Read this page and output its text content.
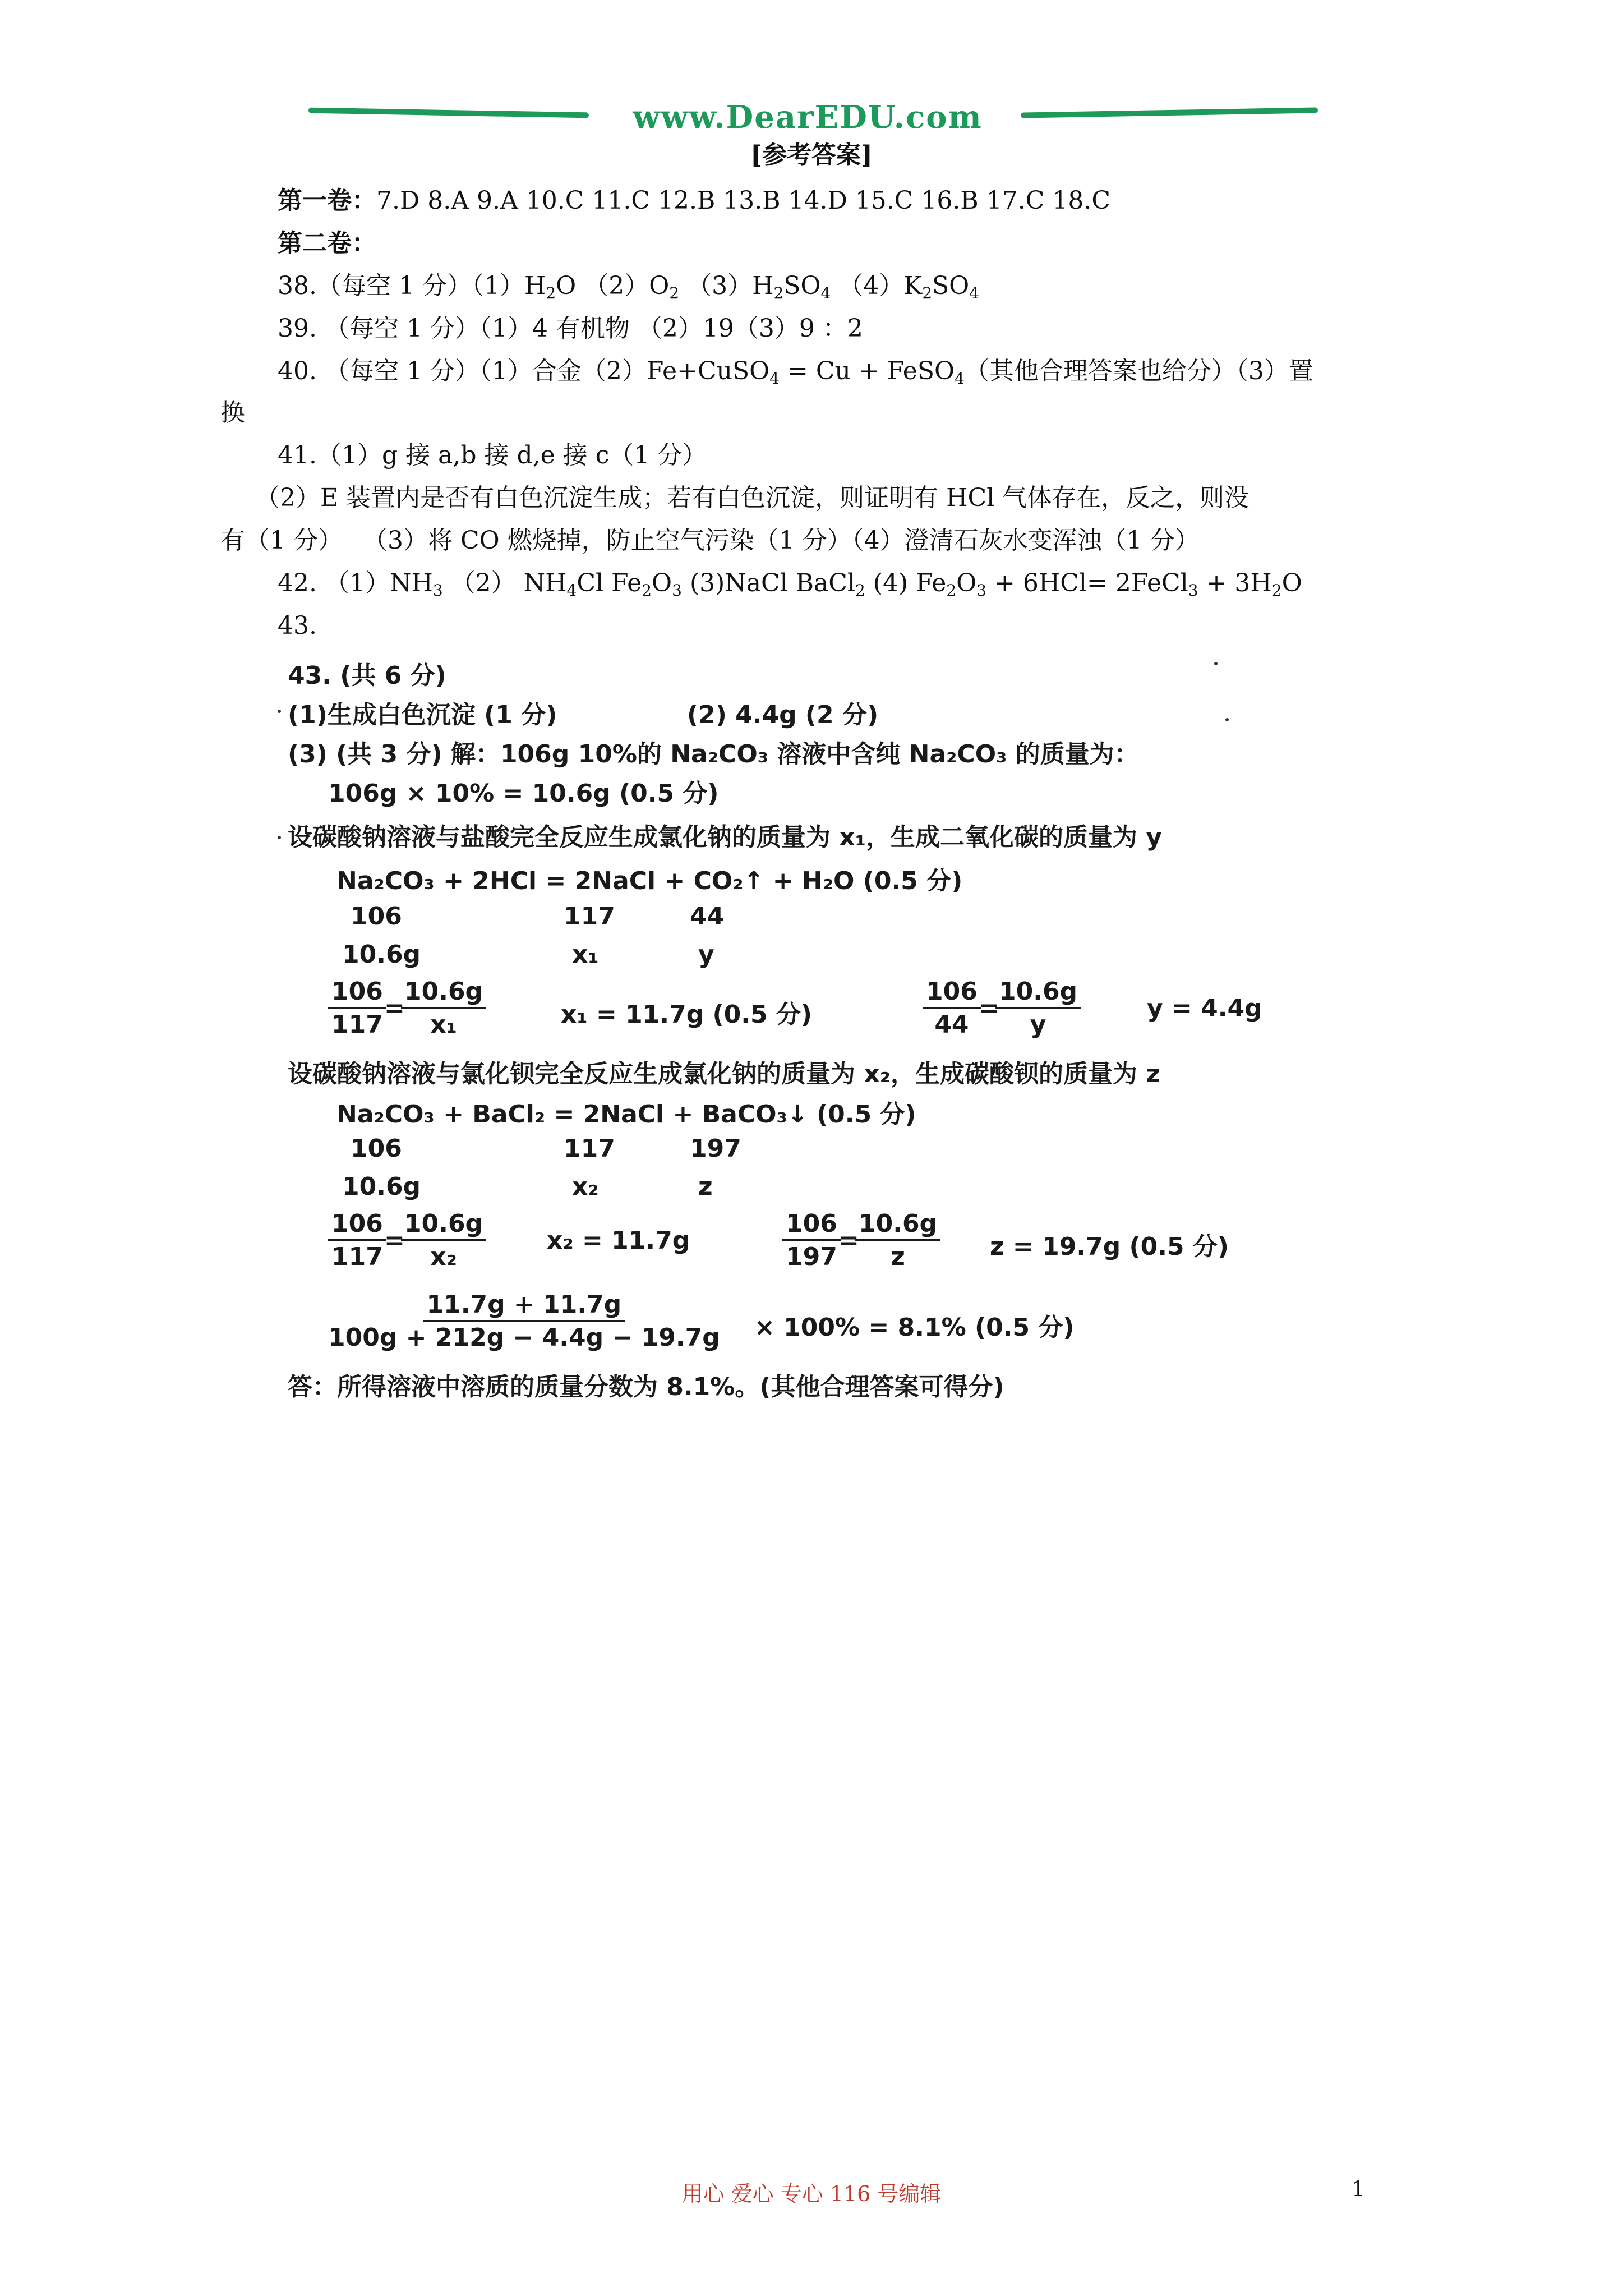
www.DearEDU.com
[参考答案]
第一卷：7.D 8.A 9.A 10.C 11.C 12.B 13.B 14.D 15.C 16.B 17.C 18.C
第二卷：
38.（每空 1 分）$(1)H_2O$ $(2)O_2$ $(3)H_2SO_4$ $(4)K_2SO_4$
39. （每空 1 分）（1）4 有机物 （2）19（3）9 ：2
40. （每空 1 分）（1）合金（2）Fe+CuSO$_4$ = Cu + FeSO$_4$（其他合理答案也给分）（3）置
换
41.（1）g 接 a,b 接 d,e 接 c（1 分）
（2）E 装置内是否有白色沉淀生成；若有白色沉淀，则证明有 HCl 气体存在，反之，则没
有（1 分）　 （3）将 CO 燃烧掉，防止空气污染（1 分）（4）澄清石灰水变浑浊（1 分）
42. $(1)NH_3$ （2） $NH_4Cl$ $Fe_2O_3$ (3)NaCl BaCl$_2$ (4) $Fe_2O_3 + 6HCl=$ 2FeCl$_3$ + $3H_2O$
43.
43. (共 6 分)
(1)生成白色沉淀 (1 分)	(2) 4.4g (2 分)
(3) (共 3 分) 解：106g 10%的 Na₂CO₃ 溶液中含纯 Na₂CO₃ 的质量为：
106g × 10% = 10.6g (0.5 分)
设碳酸钠溶液与盐酸完全反应生成氯化钠的质量为 x₁，生成二氧化碳的质量为 y
Na₂CO₃ + 2HCl = 2NaCl + CO₂↑ + H₂O (0.5 分)
106	117	44
10.6g	x₁	y
$\frac{106}{117}$
=
$\frac{10.6g}{\text{x₁}}$	x₁ = 11.7g (0.5 分)	$\frac{106}{44}$
=
$\frac{10.6g}{y}$	y = 4.4g
设碳酸钠溶液与氯化钡完全反应生成氯化钠的质量为 x₂，生成碳酸钡的质量为 z
Na₂CO₃ + BaCl₂ = 2NaCl + BaCO₃↓ (0.5 分)
106	117	197
10.6g	x₂	z
$\frac{106}{117}$
=
$\frac{10.6g}{\text{x₂}} x_2 = 11.7g$	$\frac{106}{197}$
=
$\frac{10.6g}{z}$ z = 19.7g (0.5 分)
$\frac{11.7g + 11.7g}{100g + 212g - 4.4g - 19.7g} \times 100\% = 8.1\%$ (0.5 分)
答：所得溶液中溶质的质量分数为 8.1%。(其他合理答案可得分)
用心 爱心 专心 116 号编辑	1
